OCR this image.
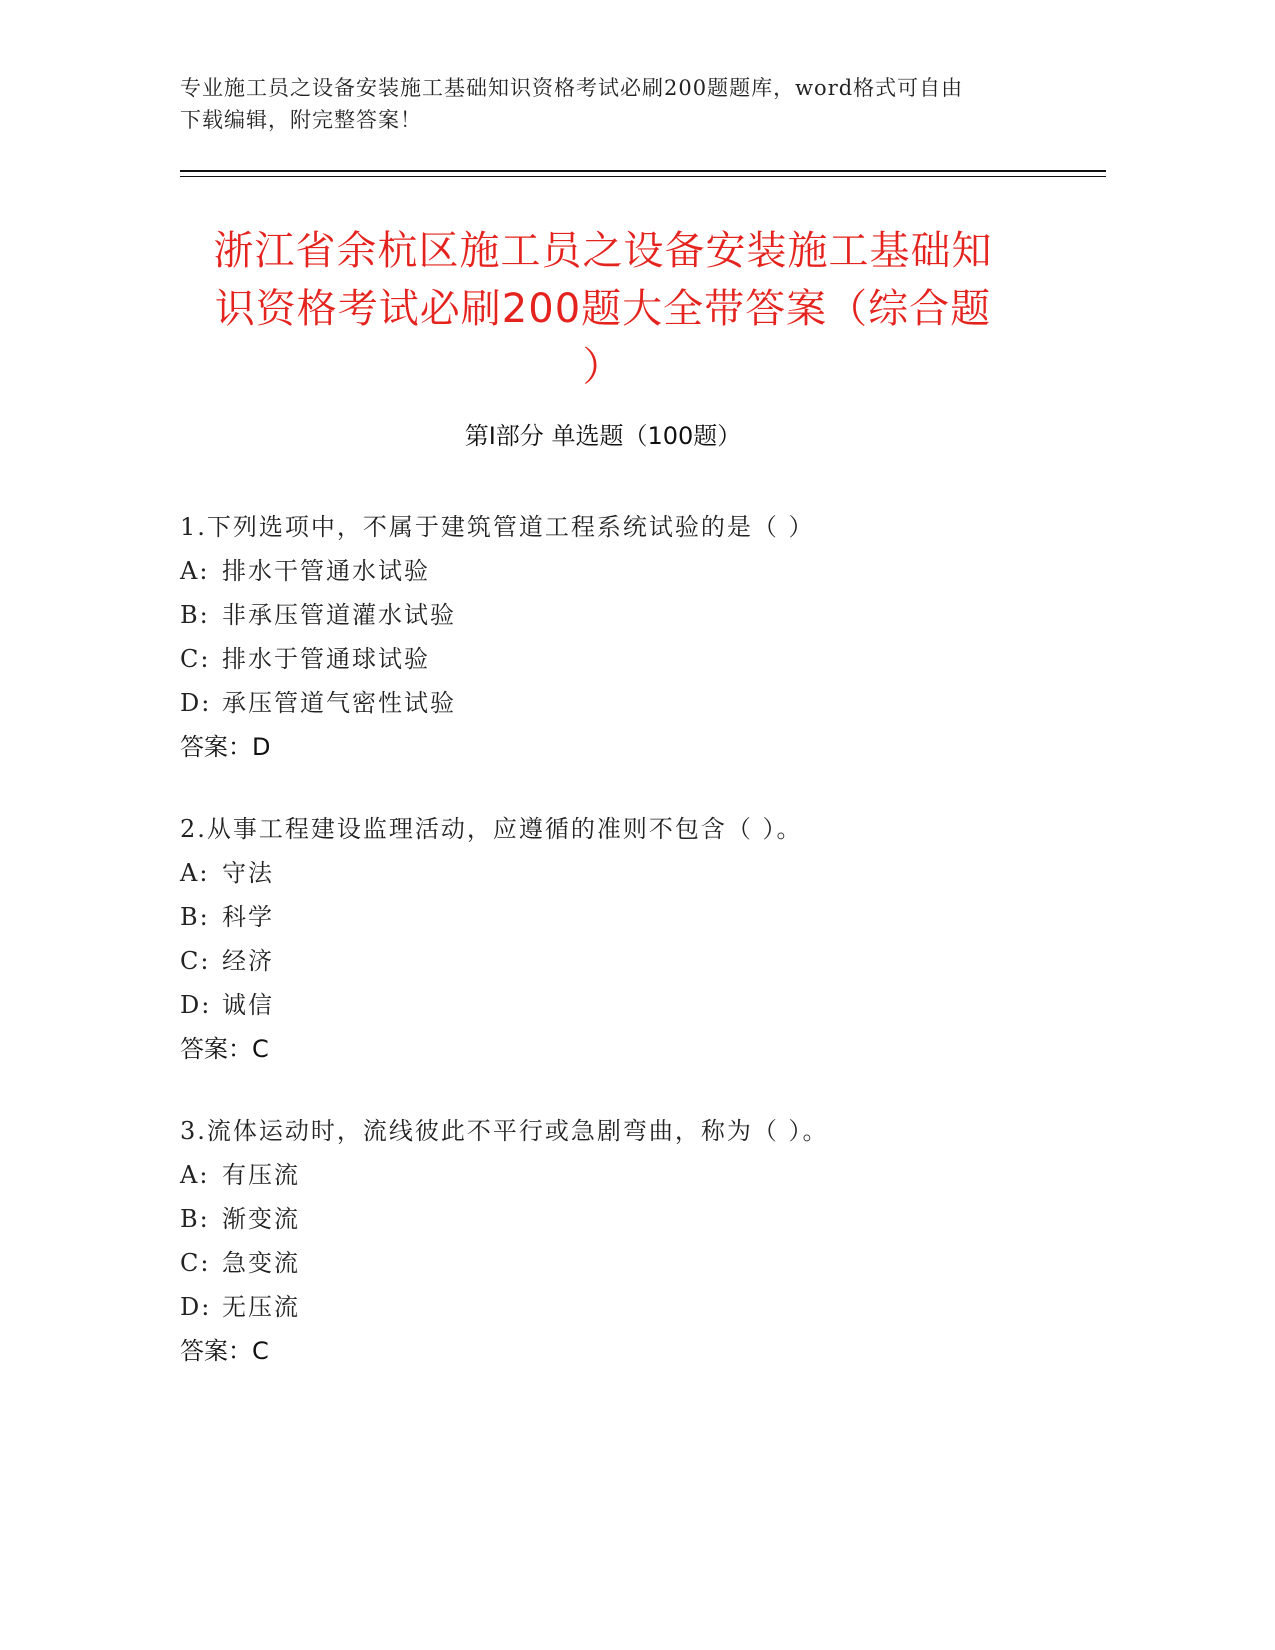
专业施工员之设备安装施工基础知识资格考试必刷200题题库，word格式可自由
下载编辑，附完整答案！
浙江省余杭区施工员之设备安装施工基础知
识资格考试必刷200题大全带答案（综合题
）
第Ⅰ部分 单选题（100题）
1.下列选项中，不属于建筑管道工程系统试验的是（ ）
A: 排水干管通水试验
B: 非承压管道灌水试验
C: 排水于管通球试验
D: 承压管道气密性试验
答案：D
2.从事工程建设监理活动，应遵循的准则不包含（ ）。
A: 守法
B: 科学
C: 经济
D: 诚信
答案：C
3.流体运动时，流线彼此不平行或急剧弯曲，称为（ ）。
A: 有压流
B: 渐变流
C: 急变流
D: 无压流
答案：C
